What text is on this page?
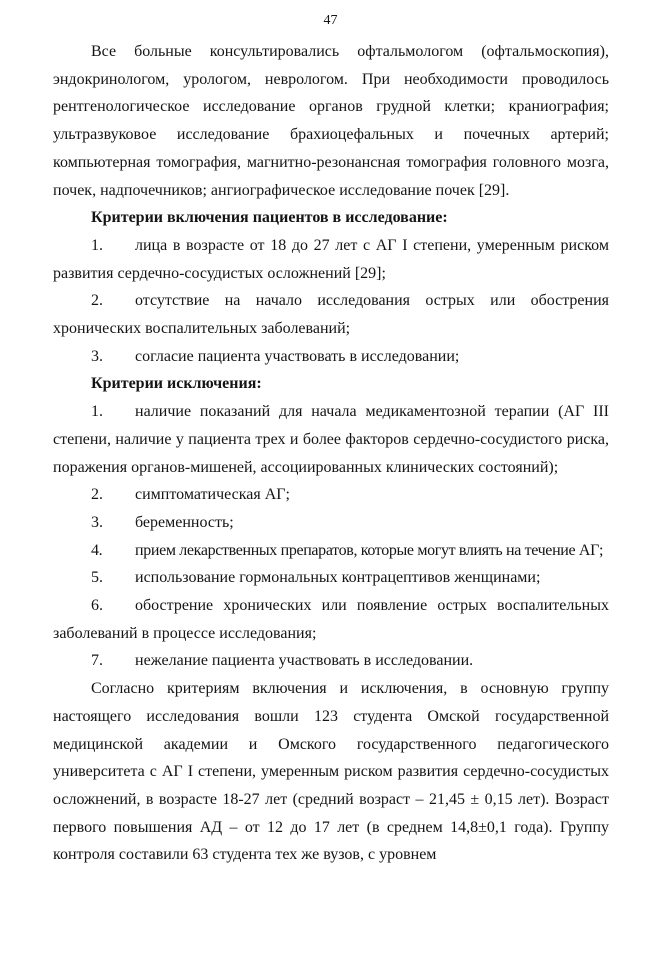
47

Все больные консультировались офтальмологом (офтальмоскопия), эндокринологом, урологом, неврологом. При необходимости проводилось рентгенологическое исследование органов грудной клетки; краниография; ультразвуковое исследование брахиоцефальных и почечных артерий; компьютерная томография, магнитно-резонансная томография головного мозга, почек, надпочечников; ангиографическое исследование почек [29].

Критерии включения пациентов в исследование:

1. лица в возрасте от 18 до 27 лет с АГ I степени, умеренным риском развития сердечно-сосудистых осложнений [29];

2. отсутствие на начало исследования острых или обострения хронических воспалительных заболеваний;

3. согласие пациента участвовать в исследовании;

Критерии исключения:

1. наличие показаний для начала медикаментозной терапии (АГ III степени, наличие у пациента трех и более факторов сердечно-сосудистого риска, поражения органов-мишеней, ассоциированных клинических состояний);

2. симптоматическая АГ;

3. беременность;

4. прием лекарственных препаратов, которые могут влиять на течение АГ;

5. использование гормональных контрацептивов женщинами;

6. обострение хронических или появление острых воспалительных заболеваний в процессе исследования;

7. нежелание пациента участвовать в исследовании.

Согласно критериям включения и исключения, в основную группу настоящего исследования вошли 123 студента Омской государственной медицинской академии и Омского государственного педагогического университета с АГ I степени, умеренным риском развития сердечно-сосудистых осложнений, в возрасте 18-27 лет (средний возраст – 21,45 ± 0,15 лет). Возраст первого повышения АД – от 12 до 17 лет (в среднем 14,8±0,1 года). Группу контроля составили 63 студента тех же вузов, с уровнем
